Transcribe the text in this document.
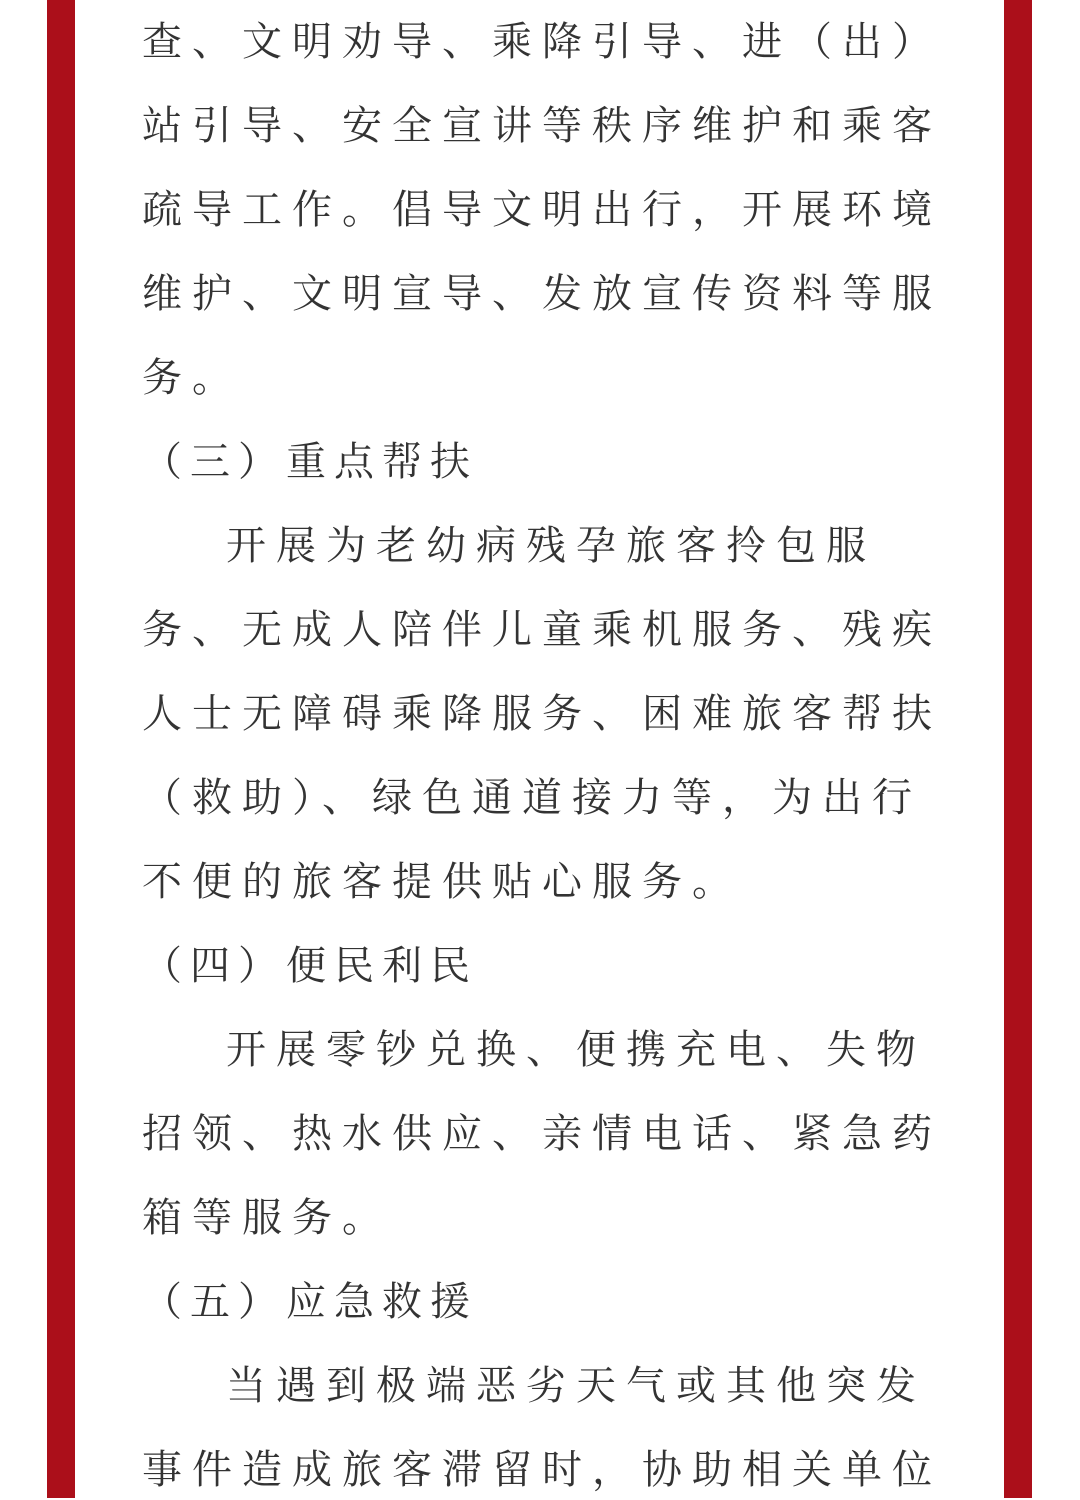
查、文明劝导、乘降引导、进（出）
站引导、安全宣讲等秩序维护和乘客
疏导工作。倡导文明出行，开展环境
维护、文明宣导、发放宣传资料等服
务。
（三）重点帮扶
开展为老幼病残孕旅客拎包服
务、无成人陪伴儿童乘机服务、残疾
人士无障碍乘降服务、困难旅客帮扶
（救助）、绿色通道接力等，为出行
不便的旅客提供贴心服务。
（四）便民利民
开展零钞兑换、便携充电、失物
招领、热水供应、亲情电话、紧急药
箱等服务。
（五）应急救援
当遇到极端恶劣天气或其他突发
事件造成旅客滞留时，协助相关单位
